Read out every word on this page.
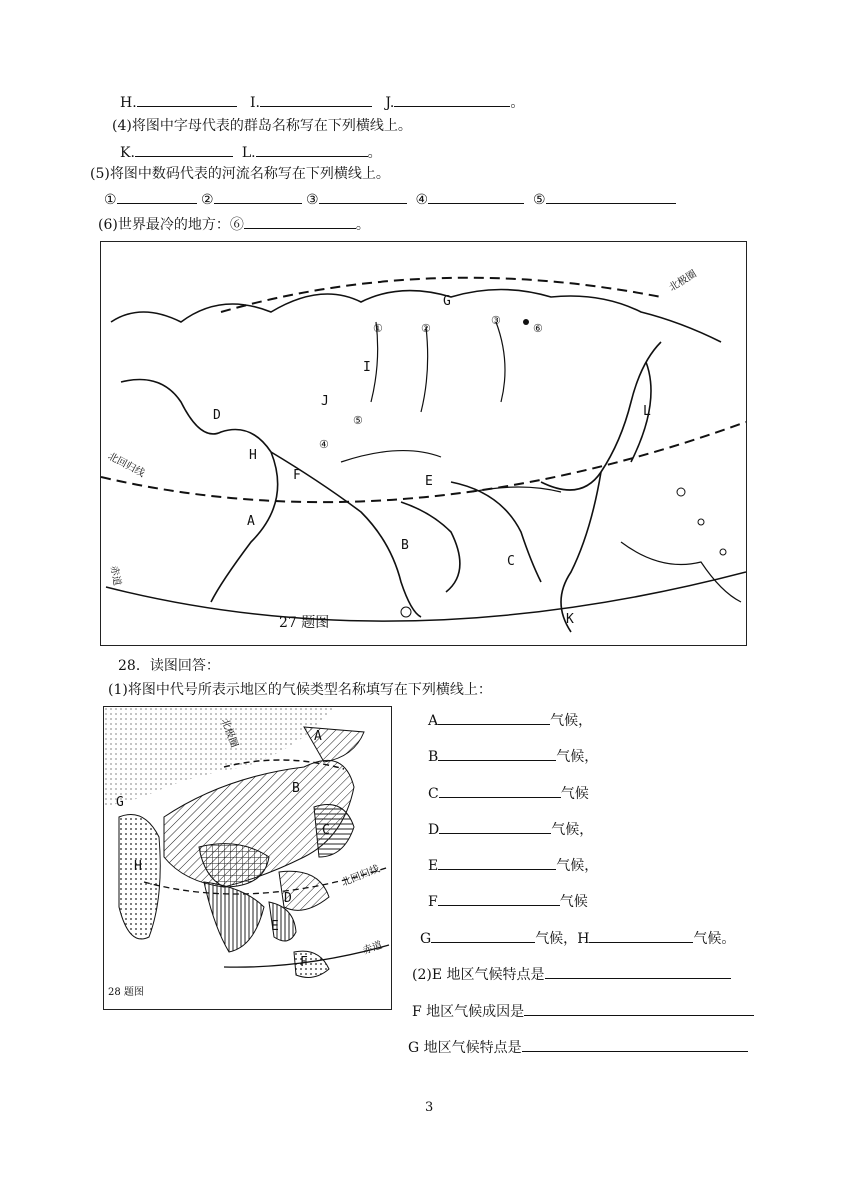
H.	I.	J.	。
(4)将图中字母代表的群岛名称写在下列横线上。
K.	L.	。
(5)将图中数码代表的河流名称写在下列横线上。
①	②	③	④	⑤
(6)世界最冷的地方：⑥	。
G
I
D
J
F	E
L
A
B
C
K
H
①	②
③
⑥
⑤
④
北极圈
北回归线
赤道
27 题图
28．读图回答：
(1)将图中代号所表示地区的气候类型名称填写在下列横线上：
A
B
C
G
H
D
E
F
北极圈
北回归线
赤道
28 题图
A	气候，
B	气候，
C	气候
D	气候，
E	气候，
F	气候
G	气候，H	气候。
(2)E 地区气候特点是
F 地区气候成因是
G 地区气候特点是
3
